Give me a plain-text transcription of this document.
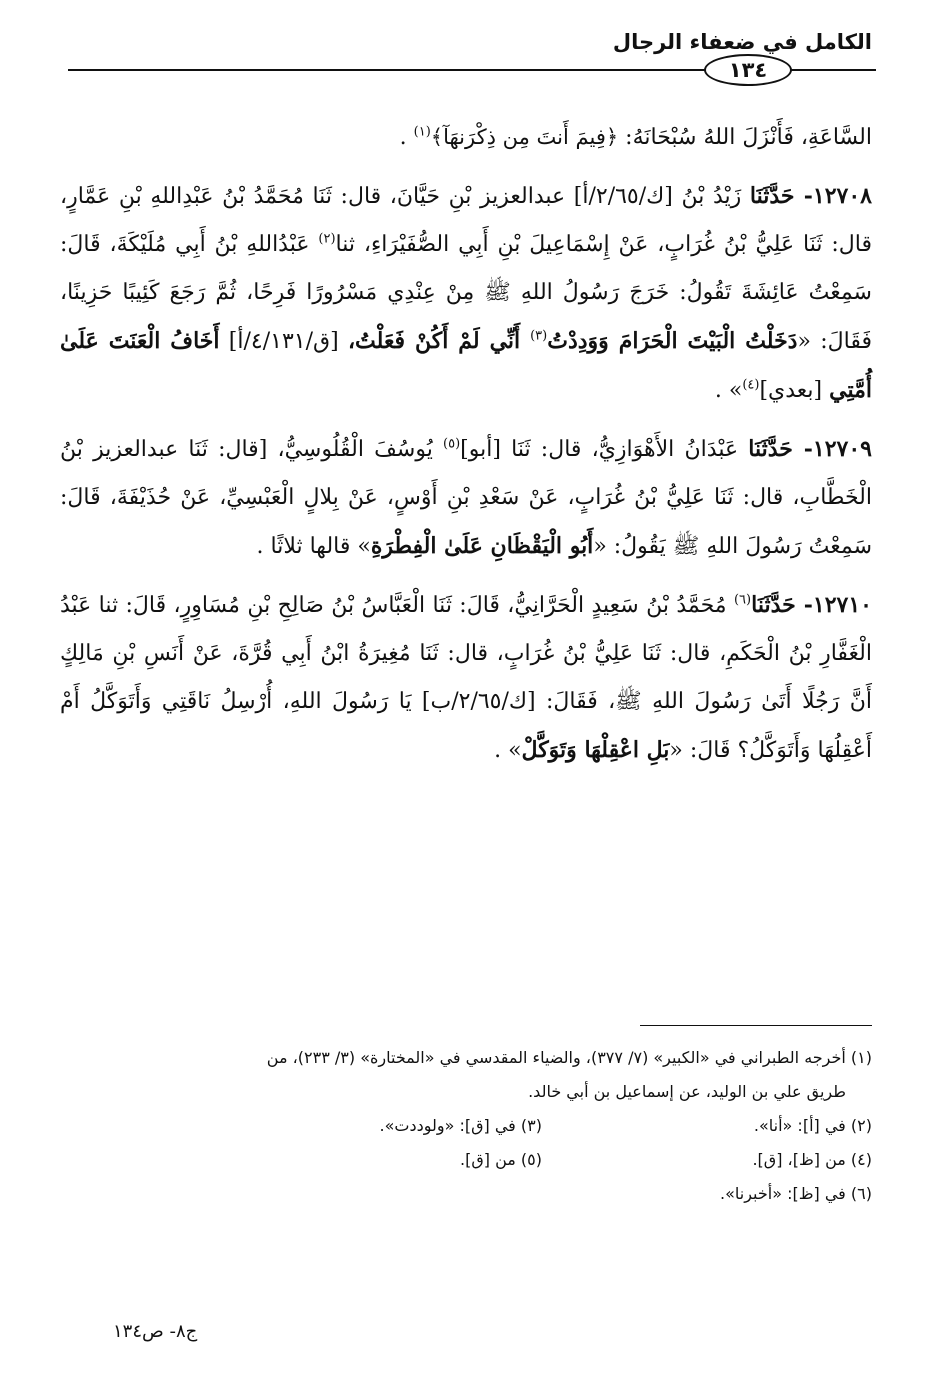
الكامل في ضعفاء الرجال
١٣٤

السَّاعَةِ، فَأَنْزَلَ اللهُ سُبْحَانَهُ: ﴿فِيمَ أَنتَ مِن ذِكْرَنهَآ﴾$^{(١)}$ .

١٢٧٠٨- حَدَّثَنَا زَيْدُ بْنُ [ك/٢/٦٥/أ] عبدالعزيز بْنِ حَيَّانَ، قال: ثَنَا مُحَمَّدُ بْنُ عَبْدِاللهِ بْنِ عَمَّارٍ، قال: ثَنَا عَلِيُّ بْنُ غُرَابٍ، عَنْ إِسْمَاعِيلَ بْنِ أَبِي الصُّفَيْرَاءِ، ثنا$^{(٢)}$ عَبْدُاللهِ بْنُ أَبِي مُلَيْكَةَ، قَالَ: سَمِعْتُ عَائِشَةَ تَقُولُ: خَرَجَ رَسُولُ اللهِ ﷺ مِنْ عِنْدِي مَسْرُورًا فَرِحًا، ثُمَّ رَجَعَ كَئِيبًا حَزِينًا، فَقَالَ: «دَخَلْتُ الْبَيْتَ الْحَرَامَ وَوَدِدْتُ$^{(٣)}$ أَنِّي لَمْ أَكُنْ فَعَلْتُ، [ق/٤/١٣١/أ] أَخَافُ الْعَنَتَ عَلَىٰ أُمَّتِي [بعدي]$^{(٤)}$» .

١٢٧٠٩- حَدَّثَنَا عَبْدَانُ الأَهْوَازِيُّ، قال: ثَنَا [أبو]$^{(٥)}$ يُوسُفَ الْقُلُوسِيُّ، [قال: ثَنَا عبدالعزيز بْنُ الْخَطَّابِ، قال: ثَنَا عَلِيُّ بْنُ غُرَابٍ، عَنْ سَعْدِ بْنِ أَوْسٍ، عَنْ بِلالٍ الْعَبْسِيِّ، عَنْ حُذَيْفَةَ، قَالَ: سَمِعْتُ رَسُولَ اللهِ ﷺ يَقُولُ: «أَبُو الْيَقْظَانِ عَلَىٰ الْفِطْرَةِ» قالها ثلاثًا .

١٢٧١٠- حَدَّثَنَا$^{(٦)}$ مُحَمَّدُ بْنُ سَعِيدٍ الْحَرَّانِيُّ، قَالَ: ثَنَا الْعَبَّاسُ بْنُ صَالِحِ بْنِ مُسَاوِرٍ، قَالَ: ثنا عَبْدُ الْغَفَّارِ بْنُ الْحَكَمِ، قال: ثَنَا عَلِيُّ بْنُ غُرَابٍ، قال: ثَنَا مُغِيرَةُ ابْنُ أَبِي قُرَّةَ، عَنْ أَنَسِ بْنِ مَالِكٍ أَنَّ رَجُلًا أَتَىٰ رَسُولَ اللهِ ﷺ، فَقَالَ: [ك/٢/٦٥/ب] يَا رَسُولَ اللهِ، أُرْسِلُ نَاقَتِي وَأَتَوَكَّلُ أَمْ أَعْقِلُهَا وَأَتَوَكَّلُ؟ قَالَ: «بَلِ اعْقِلْهَا وَتَوَكَّلْ» .

(١) أخرجه الطبراني في «الكبير» (٧/ ٣٧٧)، والضياء المقدسي في «المختارة» (٣/ ٢٣٣)، من
طريق علي بن الوليد، عن إسماعيل بن أبي خالد.
(٢) في [أ]: «أنا».
(٣) في [ق]: «ولوددت».
(٤) من [ظ]، [ق].
(٥) من [ق].
(٦) في [ظ]: «أخبرنا».
ج٨- ص١٣٤
